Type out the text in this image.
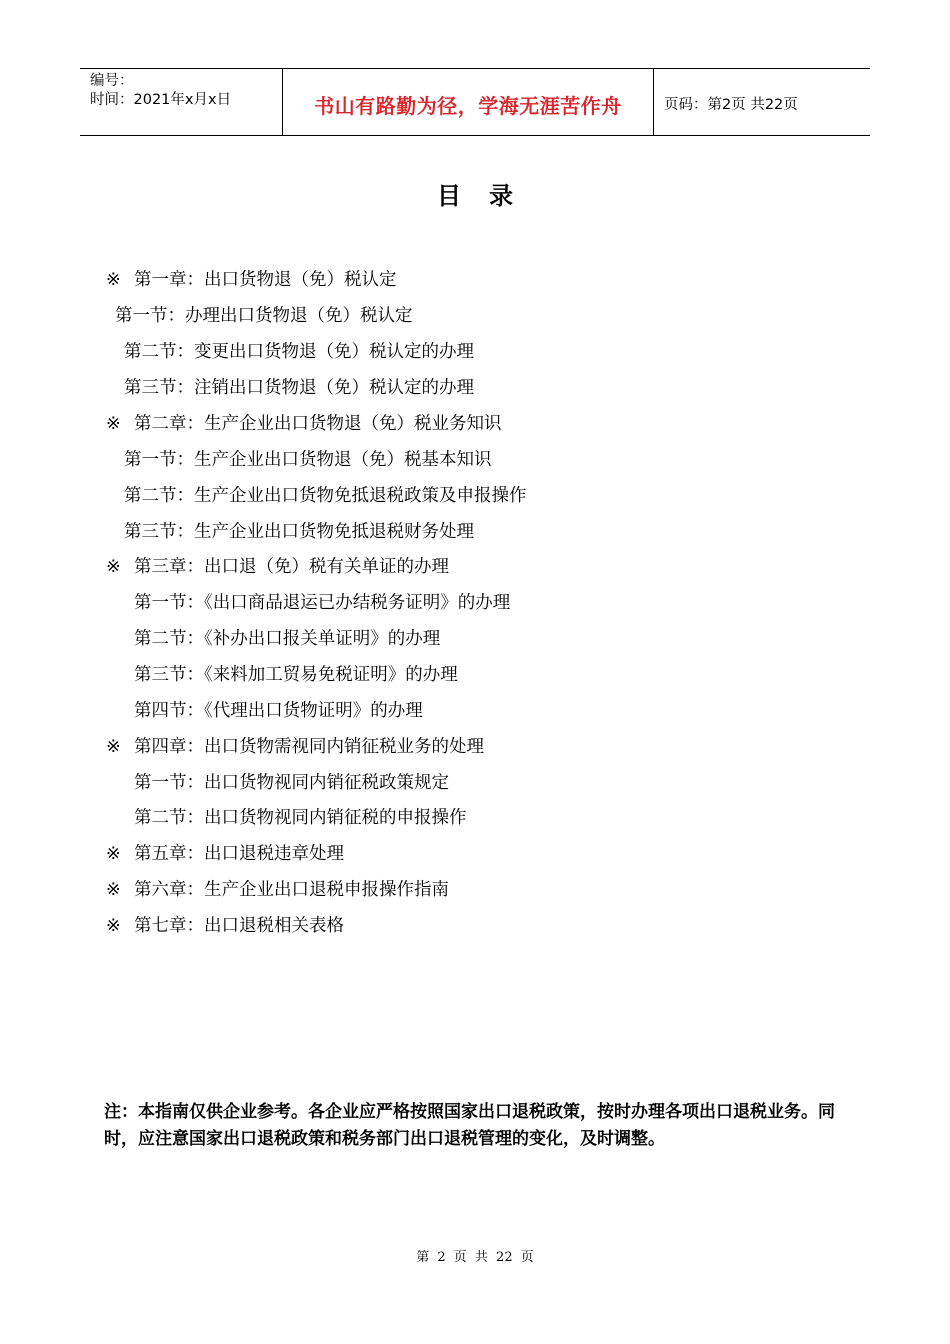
编号：
时间：2021年x月x日	书山有路勤为径，学海无涯苦作舟	页码：第2页 共22页
目录
※ 第一章：出口货物退（免）税认定
第一节：办理出口货物退（免）税认定
第二节：变更出口货物退（免）税认定的办理
第三节：注销出口货物退（免）税认定的办理
※ 第二章：生产企业出口货物退（免）税业务知识
第一节：生产企业出口货物退（免）税基本知识
第二节：生产企业出口货物免抵退税政策及申报操作
第三节：生产企业出口货物免抵退税财务处理
※ 第三章：出口退（免）税有关单证的办理
第一节：《出口商品退运已办结税务证明》的办理
第二节：《补办出口报关单证明》的办理
第三节：《来料加工贸易免税证明》的办理
第四节：《代理出口货物证明》的办理
※ 第四章：出口货物需视同内销征税业务的处理
第一节：出口货物视同内销征税政策规定
第二节：出口货物视同内销征税的申报操作
※ 第五章：出口退税违章处理
※ 第六章：生产企业出口退税申报操作指南
※ 第七章：出口退税相关表格
注：本指南仅供企业参考。各企业应严格按照国家出口退税政策，按时办理各项出口退税业务。同时，应注意国家出口退税政策和税务部门出口退税管理的变化，及时调整。
第 2 页 共 22 页
